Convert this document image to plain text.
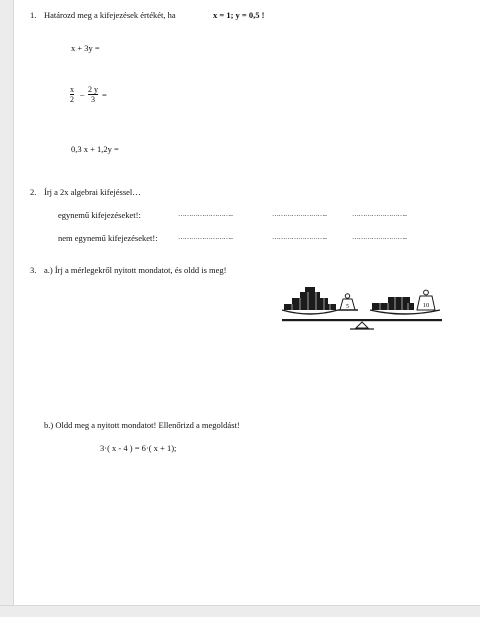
1. Határozd meg a kifejezések értékét, ha	x = 1; y = 0,5 !
x + 3y =
x
2
– 2 y
3 =
0,3 x + 1,2y =
2. Írj a 2x algebrai kifejéssel…
egynemű kifejezéseket!:	……………………..	……………………..	……………………..
nem egynemű kifejezéseket!:	……………………..	……………………..	……………………..
3. a.) Írj a mérlegekről nyitott mondatot, és oldd is meg!
5	10
b.) Oldd meg a nyitott mondatot! Ellenőrizd a megoldást!
3·( x - 4 ) = 6·( x + 1);
